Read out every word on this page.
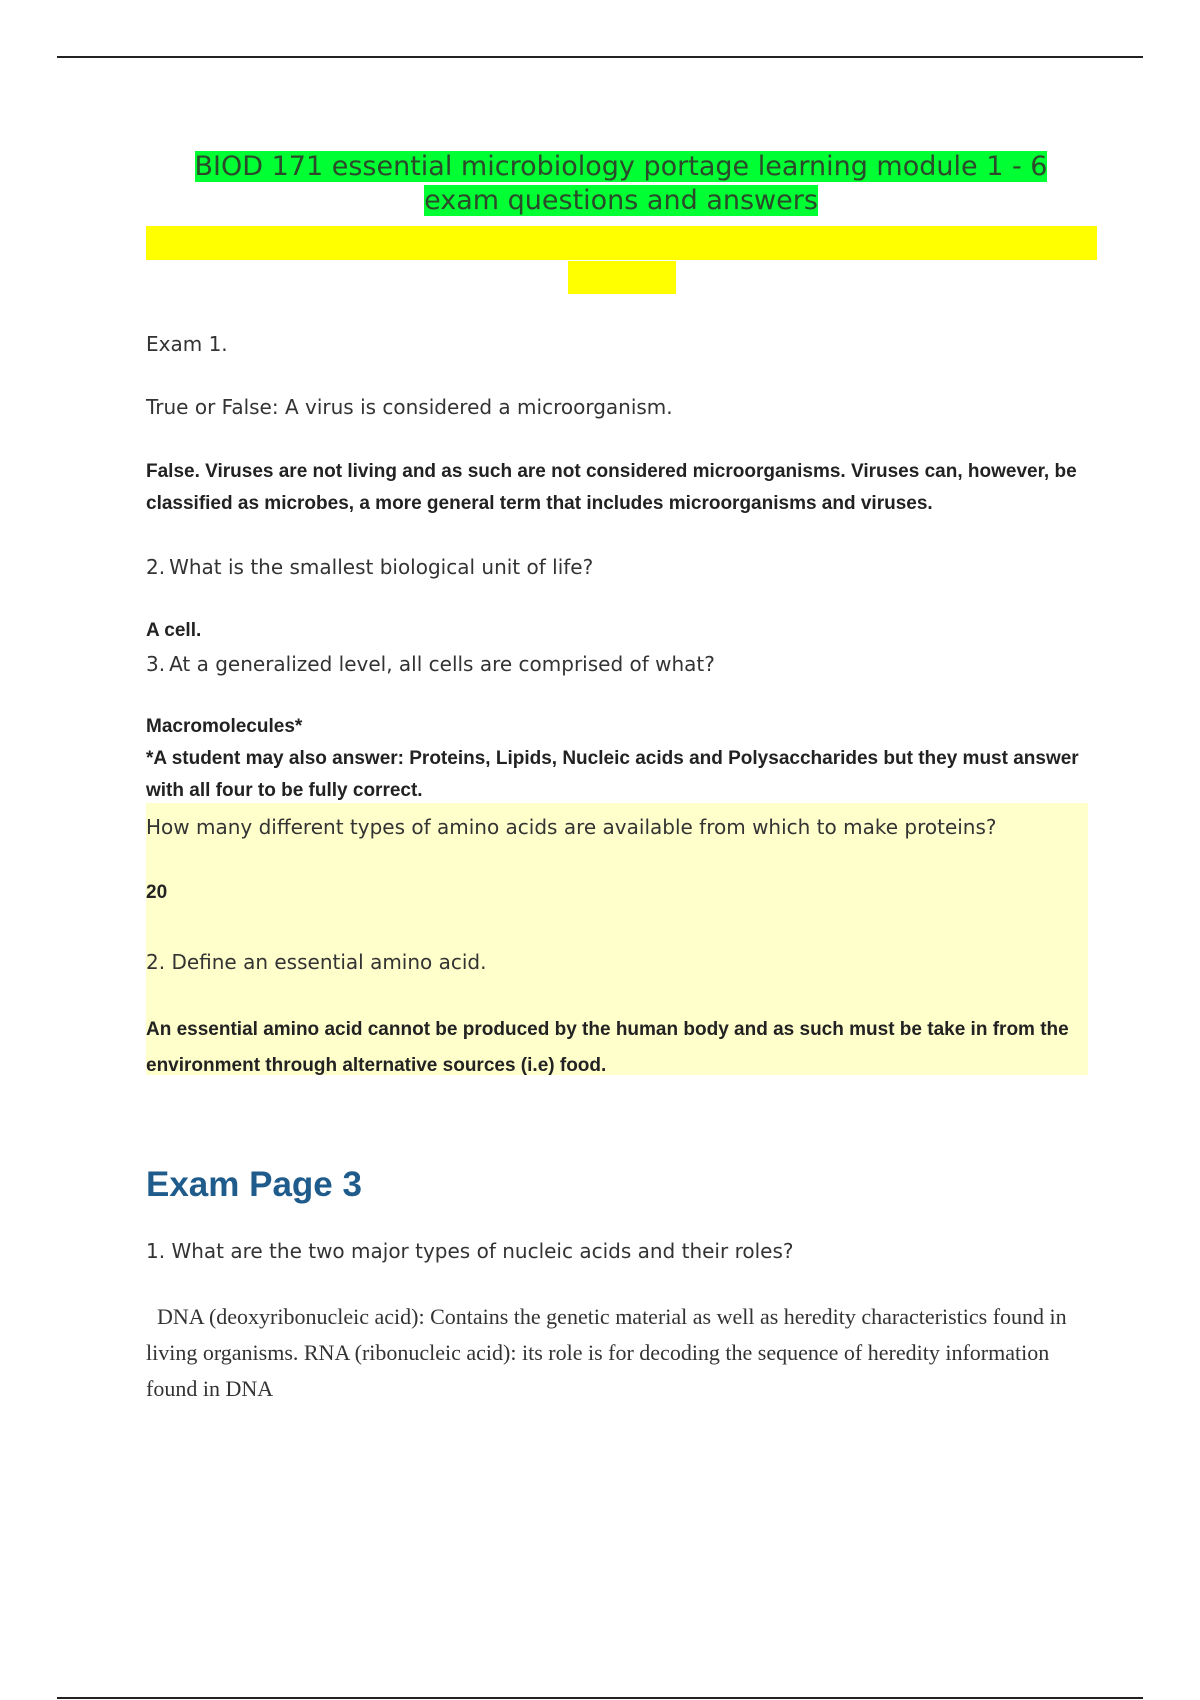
BIOD 171 essential microbiology portage learning module 1 - 6
exam questions and answers

Exam 1.

True or False: A virus is considered a microorganism.

False. Viruses are not living and as such are not considered microorganisms. Viruses can, however, be classified as microbes, a more general term that includes microorganisms and viruses.

2. What is the smallest biological unit of life?

A cell.

3. At a generalized level, all cells are comprised of what?

Macromolecules*

*A student may also answer: Proteins, Lipids, Nucleic acids and Polysaccharides but they must answer with all four to be fully correct.

How many different types of amino acids are available from which to make proteins?

20

2. Define an essential amino acid.

An essential amino acid cannot be produced by the human body and as such must be take in from the environment through alternative sources (i.e) food.

Exam Page 3

1. What are the two major types of nucleic acids and their roles?

 DNA (deoxyribonucleic acid): Contains the genetic material as well as heredity characteristics found in living organisms. RNA (ribonucleic acid): its role is for decoding the sequence of heredity information found in DNA
